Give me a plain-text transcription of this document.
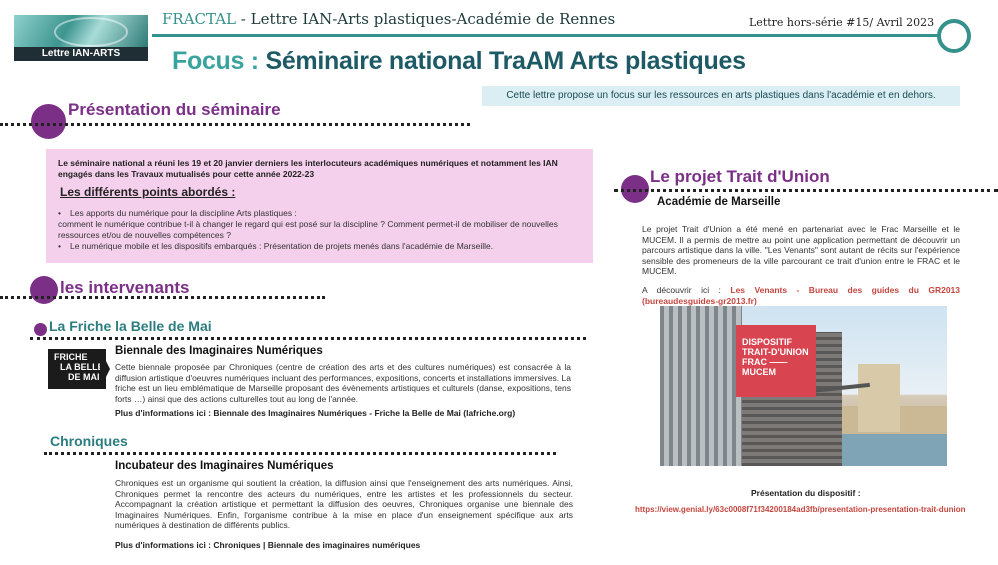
Lettre IAN-ARTS PLASTIQUES
FRACTAL - Lettre IAN-Arts plastiques-Académie de Rennes	Lettre hors-série #15/ Avril 2023
Focus : Séminaire national TraAM Arts plastiques
Cette lettre propose un focus sur les ressources en arts plastiques dans l'académie et en dehors.
Présentation du séminaire
Le séminaire national a réuni les 19 et 20 janvier derniers les interlocuteurs académiques numériques et notamment les IAN engagés dans les Travaux mutualisés pour cette année 2022-23
Les différents points abordés :
• Les apports du numérique pour la discipline Arts plastiques :
comment le numérique contribue t-il à changer le regard qui est posé sur la discipline ? Comment permet-il de mobiliser de nouvelles ressources et/ou de nouvelles compétences ?
• Le numérique mobile et les dispositifs embarqués : Présentation de projets menés dans l'académie de Marseille.
les intervenants
La Friche la Belle de Mai
FRICHE
LA BELLE
DE MAI
Biennale des Imaginaires Numériques
Cette biennale proposée par Chroniques (centre de création des arts et des cultures numériques) est consacrée à la diffusion artistique d'oeuvres numériques incluant des performances, expositions, concerts et installations immersives. La friche est un lieu emblématique de Marseille proposant des évènements artistiques et culturels (danse, expositions, tens forts …) ainsi que des actions culturelles tout au long de l'année.
Plus d'informations ici : Biennale des Imaginaires Numériques - Friche la Belle de Mai (lafriche.org)
Chroniques
Incubateur des Imaginaires Numériques
Chroniques est un organisme qui soutient la création, la diffusion ainsi que l'enseignement des arts numériques. Ainsi, Chroniques permet la rencontre des acteurs du numériques, entre les artistes et les professionnels du secteur. Accompagnant la création artistique et permettant la diffusion des oeuvres, Chroniques organise une biennale des Imaginaires Numériques. Enfin, l'organisme contribue à la mise en place d'un enseignement spécifique aux arts numériques à destination de différents publics.
Plus d'informations ici : Chroniques | Biennale des imaginaires numériques
Le projet Trait d'Union
Académie de Marseille
Le projet Trait d'Union a été mené en partenariat avec le Frac Marseille et le MUCEM. Il a permis de mettre au point une application permettant de découvrir un parcours artistique dans la ville. "Les Venants" sont autant de récits sur l'expérience sensible des promeneurs de la ville parcourant ce trait d'union entre le FRAC et le MUCEM.
A découvrir ici : Les Venants - Bureau des guides du GR2013 (bureaudesguides-gr2013.fr)
DISPOSITIF
TRAIT-D'UNION
FRAC —— MUCEM
Présentation du dispositif :
https://view.genial.ly/63c0008f71f34200184ad3fb/presentation-presentation-trait-dunion
